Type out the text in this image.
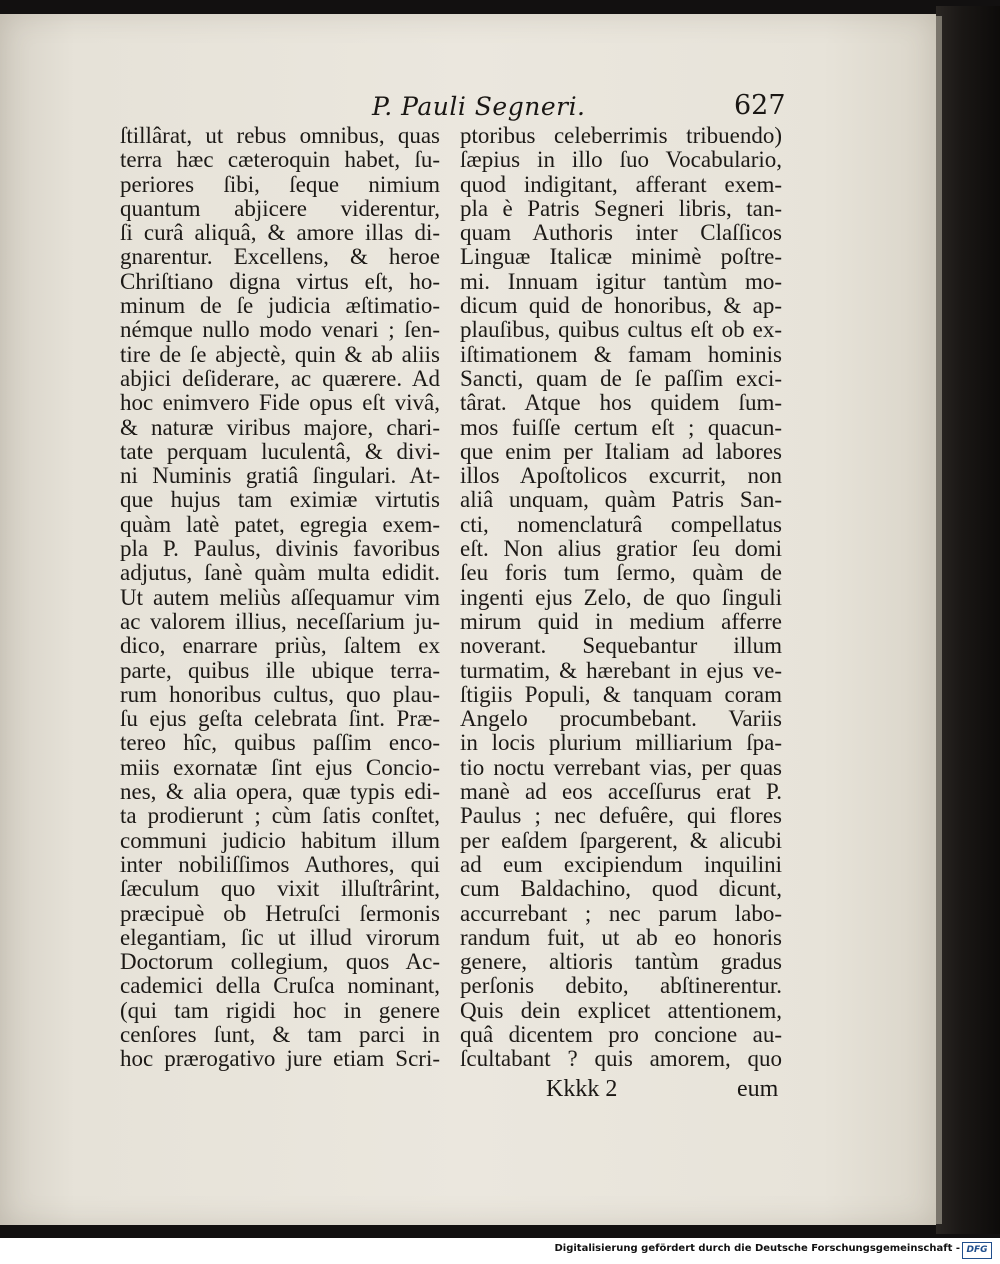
P. Pauli Segneri.	627
ſtillârat, ut rebus omnibus, quas
terra hæc cæteroquin habet, ſu-
periores ſibi, ſeque nimium
quantum abjicere viderentur,
ſi curâ aliquâ, & amore illas di-
gnarentur. Excellens, & heroe
Chriſtiano digna virtus eſt, ho-
minum de ſe judicia æſtimatio-
némque nullo modo venari ; ſen-
tire de ſe abjectè, quin & ab aliis
abjici deſiderare, ac quærere. Ad
hoc enimvero Fide opus eſt vivâ,
& naturæ viribus majore, chari-
tate perquam luculentâ, & divi-
ni Numinis gratiâ ſingulari. At-
que hujus tam eximiæ virtutis
quàm latè patet, egregia exem-
pla P. Paulus, divinis favoribus
adjutus, ſanè quàm multa edidit.
Ut autem meliùs aſſequamur vim
ac valorem illius, neceſſarium ju-
dico, enarrare priùs, ſaltem ex
parte, quibus ille ubique terra-
rum honoribus cultus, quo plau-
ſu ejus geſta celebrata ſint. Præ-
tereo hîc, quibus paſſim enco-
miis exornatæ ſint ejus Concio-
nes, & alia opera, quæ typis edi-
ta prodierunt ; cùm ſatis conſtet,
communi judicio habitum illum
inter nobiliſſimos Authores, qui
ſæculum quo vixit illuſtrârint,
præcipuè ob Hetruſci ſermonis
elegantiam, ſic ut illud virorum
Doctorum collegium, quos Ac-
cademici della Cruſca nominant,
(qui tam rigidi hoc in genere
cenſores ſunt, & tam parci in
hoc prærogativo jure etiam Scri-
ptoribus celeberrimis tribuendo)
ſæpius in illo ſuo Vocabulario,
quod indigitant, afferant exem-
pla è Patris Segneri libris, tan-
quam Authoris inter Claſſicos
Linguæ Italicæ minimè poſtre-
mi. Innuam igitur tantùm mo-
dicum quid de honoribus, & ap-
plauſibus, quibus cultus eſt ob ex-
iſtimationem & famam hominis
Sancti, quam de ſe paſſim exci-
târat. Atque hos quidem ſum-
mos fuiſſe certum eſt ; quacun-
que enim per Italiam ad labores
illos Apoſtolicos excurrit, non
aliâ unquam, quàm Patris San-
cti, nomenclaturâ compellatus
eſt. Non alius gratior ſeu domi
ſeu foris tum ſermo, quàm de
ingenti ejus Zelo, de quo ſinguli
mirum quid in medium afferre
noverant. Sequebantur illum
turmatim, & hærebant in ejus ve-
ſtigiis Populi, & tanquam coram
Angelo procumbebant. Variis
in locis plurium milliarium ſpa-
tio noctu verrebant vias, per quas
manè ad eos acceſſurus erat P.
Paulus ; nec defuêre, qui flores
per eaſdem ſpargerent, & alicubi
ad eum excipiendum inquilini
cum Baldachino, quod dicunt,
accurrebant ; nec parum labo-
randum fuit, ut ab eo honoris
genere, altioris tantùm gradus
perſonis debito, abſtinerentur.
Quis dein explicet attentionem,
quâ dicentem pro concione au-
ſcultabant ? quis amorem, quo
Kkkk 2	eum
Digitalisierung gefördert durch die Deutsche Forschungsgemeinschaft - DFG
